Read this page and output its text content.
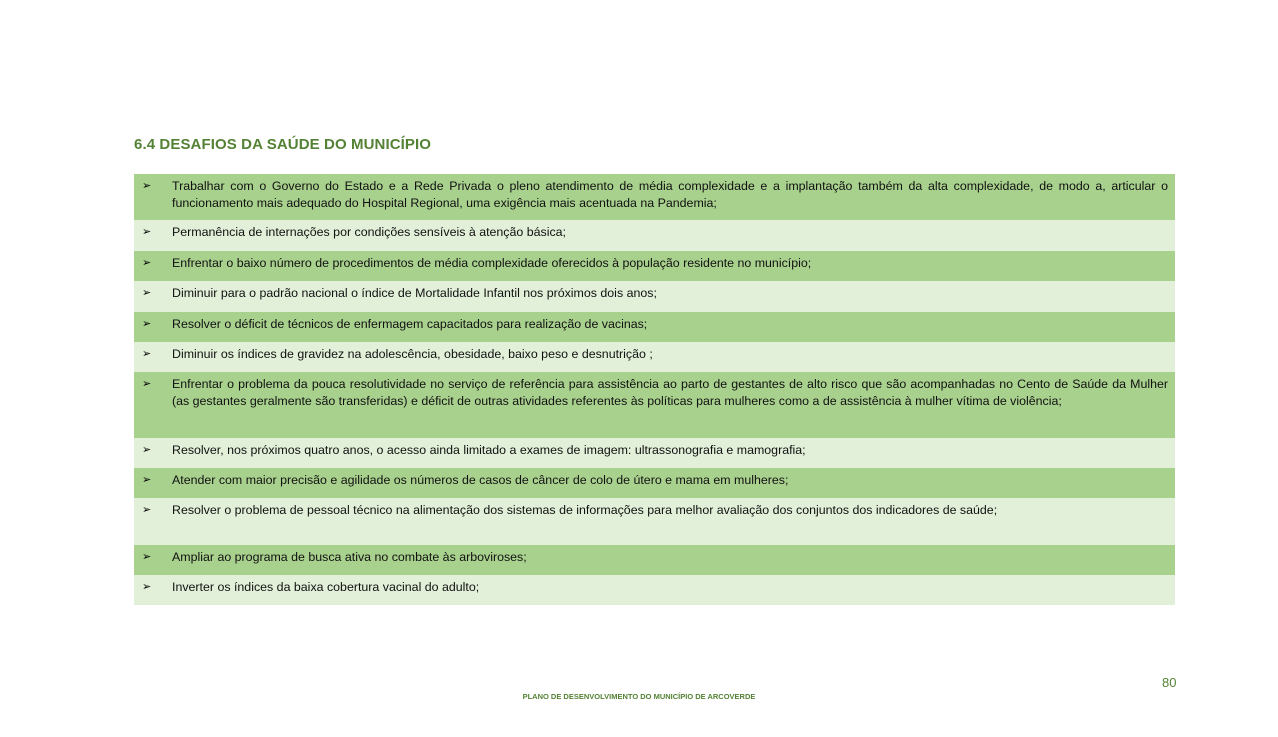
6.4 DESAFIOS DA SAÚDE DO MUNICÍPIO
➢	Trabalhar com o Governo do Estado e a Rede Privada o pleno atendimento de média complexidade e a implantação também da alta complexidade, de modo a, articular o funcionamento mais adequado do Hospital Regional, uma exigência mais acentuada na Pandemia;
➢	Permanência de internações por condições sensíveis à atenção básica;
➢	Enfrentar o baixo número de procedimentos de média complexidade oferecidos à população residente no município;
➢	Diminuir para o padrão nacional o índice de Mortalidade Infantil nos próximos dois anos;
➢	Resolver o déficit de técnicos de enfermagem capacitados para realização de vacinas;
➢	Diminuir os índices de gravidez na adolescência, obesidade, baixo peso e desnutrição ;
➢	Enfrentar o problema da pouca resolutividade no serviço de referência para assistência ao parto de gestantes de alto risco que são acompanhadas no Cento de Saúde da Mulher (as gestantes geralmente são transferidas) e déficit de outras atividades referentes às políticas para mulheres como a de assistência à mulher vítima de violência;
➢	Resolver, nos próximos quatro anos, o acesso ainda limitado a exames de imagem: ultrassonografia e mamografia;
➢	Atender com maior precisão e agilidade os números de casos de câncer de colo de útero e mama em mulheres;
➢	Resolver o problema de pessoal técnico na alimentação dos sistemas de informações para melhor avaliação dos conjuntos dos indicadores de saúde;
➢	Ampliar ao programa de busca ativa no combate às arboviroses;
➢	Inverter os índices da baixa cobertura vacinal do adulto;
80
PLANO DE DESENVOLVIMENTO DO MUNICÍPIO DE ARCOVERDE
